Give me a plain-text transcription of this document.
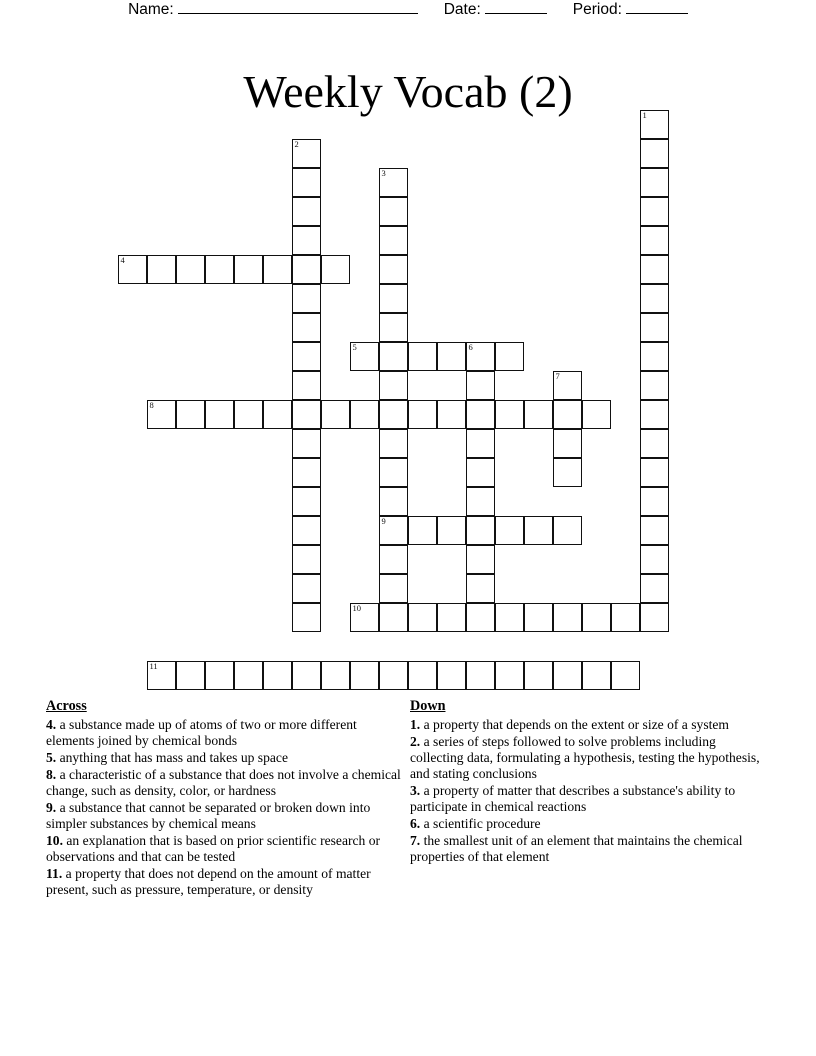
Name:	Date:	Period:
Weekly Vocab (2)	1
2
3
4
5	6
7
8
9
10
11
Across

4. a substance made up of atoms of two or more different elements joined by chemical bonds

5. anything that has mass and takes up space

8. a characteristic of a substance that does not involve a chemical change, such as density, color, or hardness

9. a substance that cannot be separated or broken down into simpler substances by chemical means

10. an explanation that is based on prior scientific research or observations and that can be tested

11. a property that does not depend on the amount of matter present, such as pressure, temperature, or density

Down

1. a property that depends on the extent or size of a system

2. a series of steps followed to solve problems including collecting data, formulating a hypothesis, testing the hypothesis, and stating conclusions

3. a property of matter that describes a substance's ability to participate in chemical reactions

6. a scientific procedure

7. the smallest unit of an element that maintains the chemical properties of that element
